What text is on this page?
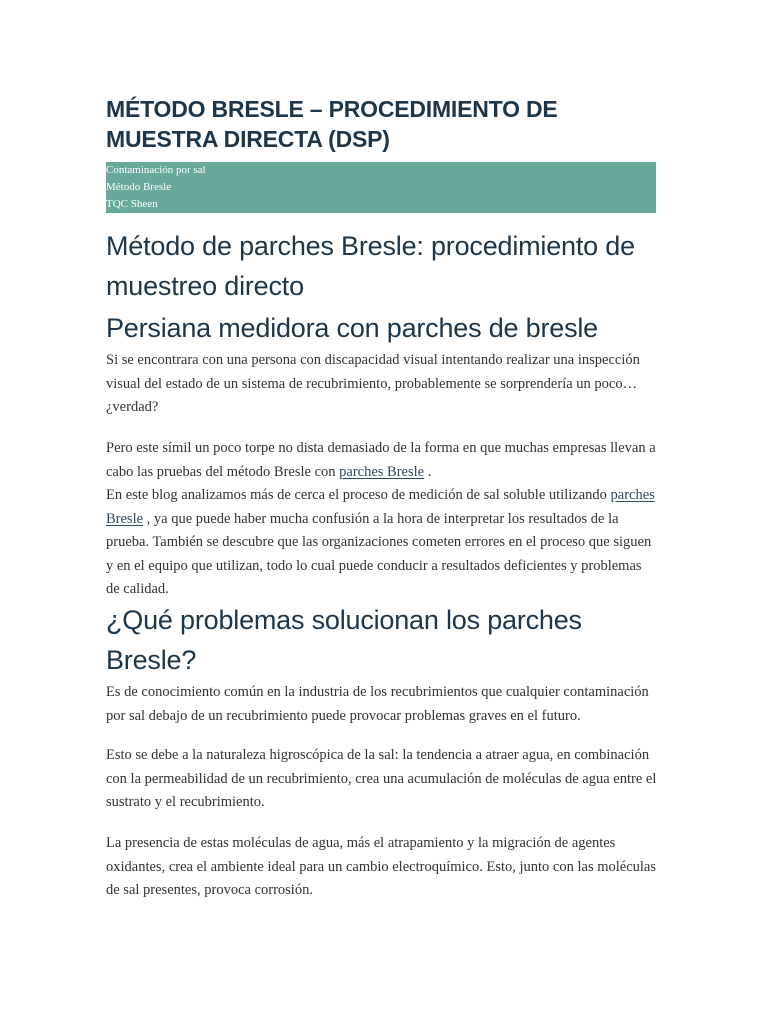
MÉTODO BRESLE – PROCEDIMIENTO DE MUESTRA DIRECTA (DSP)
Contaminación por sal
Método Bresle
TQC Sheen
Método de parches Bresle: procedimiento de muestreo directo
Persiana medidora con parches de bresle

Si se encontrara con una persona con discapacidad visual intentando realizar una inspección visual del estado de un sistema de recubrimiento, probablemente se sorprendería un poco… ¿verdad?

Pero este símil un poco torpe no dista demasiado de la forma en que muchas empresas llevan a cabo las pruebas del método Bresle con parches Bresle .
En este blog analizamos más de cerca el proceso de medición de sal soluble utilizando parches Bresle , ya que puede haber mucha confusión a la hora de interpretar los resultados de la prueba. También se descubre que las organizaciones cometen errores en el proceso que siguen y en el equipo que utilizan, todo lo cual puede conducir a resultados deficientes y problemas de calidad.

¿Qué problemas solucionan los parches Bresle?

Es de conocimiento común en la industria de los recubrimientos que cualquier contaminación por sal debajo de un recubrimiento puede provocar problemas graves en el futuro.

Esto se debe a la naturaleza higroscópica de la sal: la tendencia a atraer agua, en combinación con la permeabilidad de un recubrimiento, crea una acumulación de moléculas de agua entre el sustrato y el recubrimiento.

La presencia de estas moléculas de agua, más el atrapamiento y la migración de agentes oxidantes, crea el ambiente ideal para un cambio electroquímico. Esto, junto con las moléculas de sal presentes, provoca corrosión.
